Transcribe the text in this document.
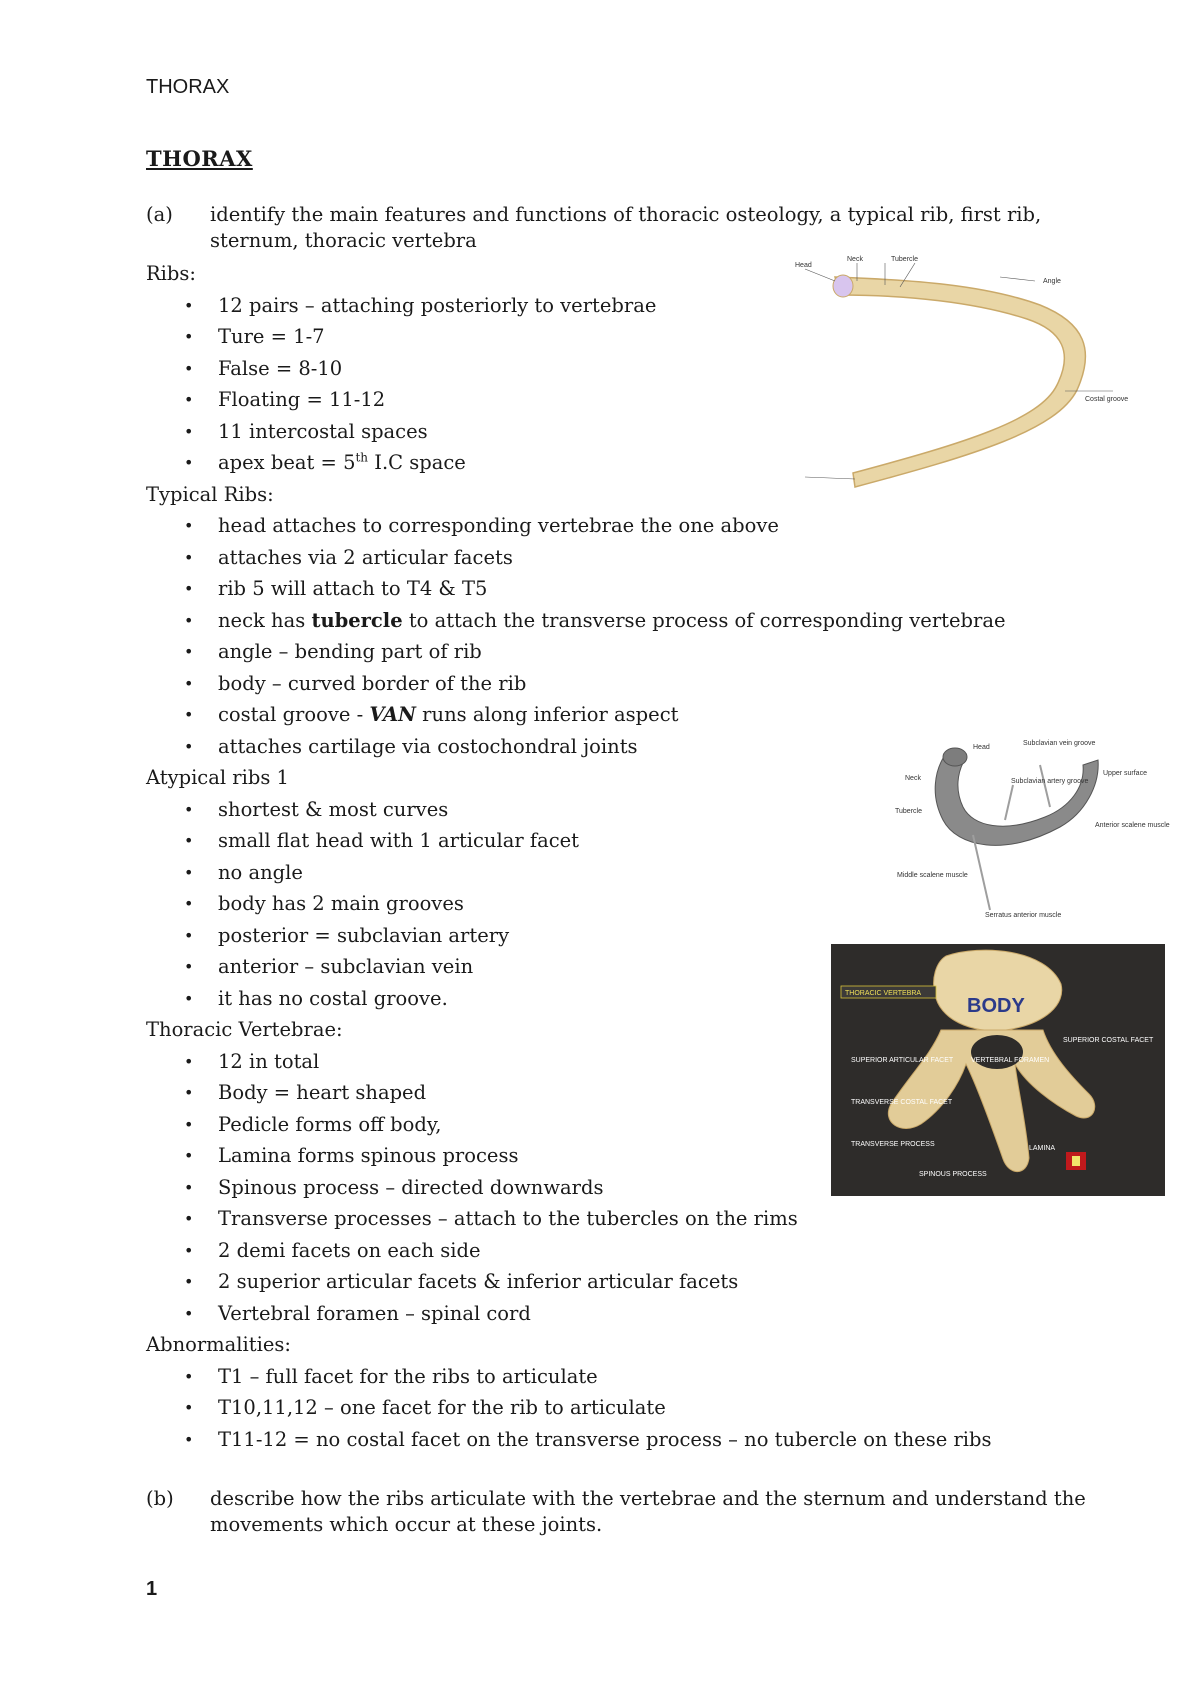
THORAX
THORAX
(a) identify the main features and functions of thoracic osteology, a typical rib, first rib, sternum, thoracic vertebra
Ribs:
• 12 pairs – attaching posteriorly to vertebrae
• Ture = 1-7
• False = 8-10
• Floating = 11-12
• 11 intercostal spaces
• apex beat = 5th I.C space
Typical Ribs:
• head attaches to corresponding vertebrae the one above
• attaches via 2 articular facets
• rib 5 will attach to T4 & T5
• neck has tubercle to attach the transverse process of corresponding vertebrae
• angle – bending part of rib
• body – curved border of the rib
• costal groove - VAN runs along inferior aspect
• attaches cartilage via costochondral joints
Atypical ribs 1
• shortest & most curves
• small flat head with 1 articular facet
• no angle
• body has 2 main grooves
• posterior = subclavian artery
• anterior – subclavian vein
• it has no costal groove.
Thoracic Vertebrae:
• 12 in total
• Body = heart shaped
• Pedicle forms off body,
• Lamina forms spinous process
• Spinous process – directed downwards
• Transverse processes – attach to the tubercles on the rims
• 2 demi facets on each side
• 2 superior articular facets & inferior articular facets
• Vertebral foramen – spinal cord
Abnormalities:
• T1 – full facet for the ribs to articulate
• T10,11,12 – one facet for the rib to articulate
• T11-12 = no costal facet on the transverse process – no tubercle on these ribs
(b) describe how the ribs articulate with the vertebrae and the sternum and understand the movements which occur at these joints.
1
Head
Neck	Tubercle
Angle
Costal groove
Head
Neck
Tubercle
Subclavian vein groove
Upper surface
Subclavian artery groove
Anterior scalene muscle
Middle scalene muscle
Serratus anterior muscle
THORACIC VERTEBRA
BODY
SUPERIOR COSTAL FACET
SUPERIOR ARTICULAR FACET	VERTEBRAL FORAMEN
TRANSVERSE COSTAL FACET
TRANSVERSE PROCESS
LAMINA
SPINOUS PROCESS
